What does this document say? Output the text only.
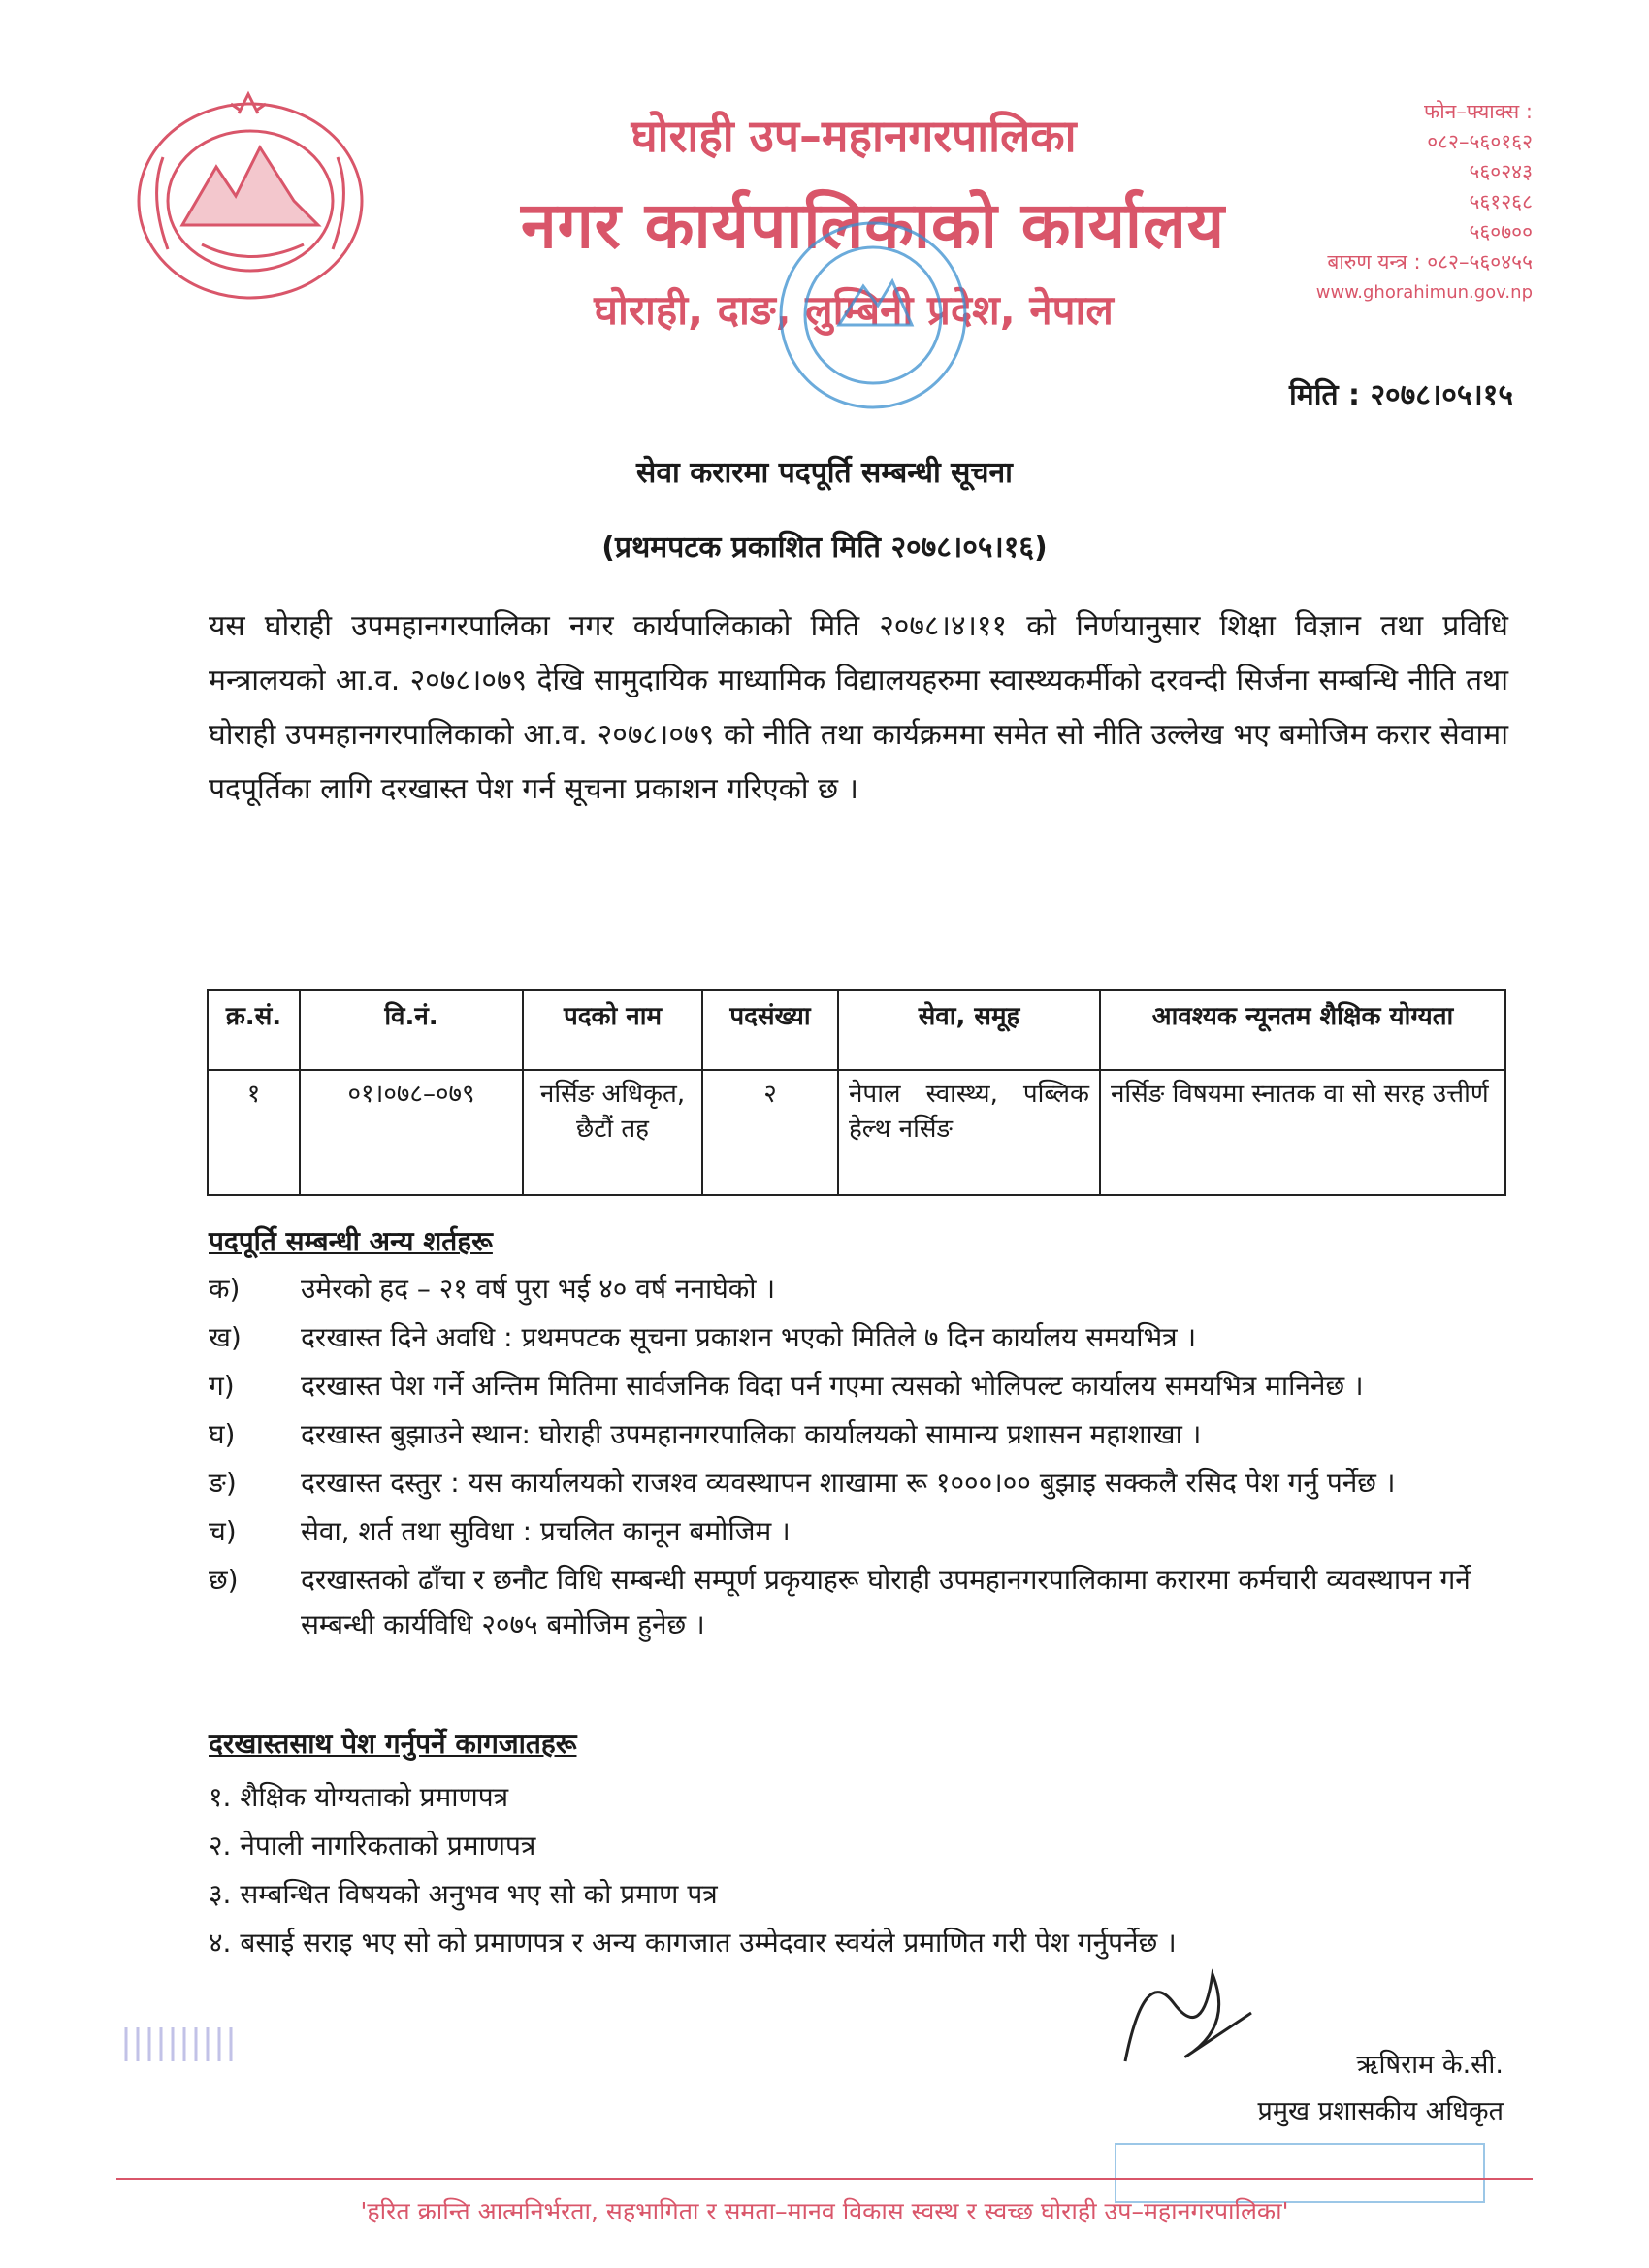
घोराही उप–महानगरपालिका
नगर कार्यपालिकाको कार्यालय
घोराही, दाङ, लुम्बिनी प्रदेश, नेपाल
फोन–फ्याक्स :
०८२–५६०१६२
५६०२४३
५६१२६८
५६०७००
बारुण यन्त्र : ०८२–५६०४५५
www.ghorahimun.gov.np
मिति : २०७८।०५।१५
सेवा करारमा पदपूर्ति सम्बन्धी सूचना
(प्रथमपटक प्रकाशित मिति २०७८।०५।१६)
यस घोराही उपमहानगरपालिका नगर कार्यपालिकाको मिति २०७८।४।११ को निर्णयानुसार शिक्षा विज्ञान तथा प्रविधि मन्त्रालयको आ.व. २०७८।०७९ देखि सामुदायिक माध्यामिक विद्यालयहरुमा स्वास्थ्यकर्मीको दरवन्दी सिर्जना सम्बन्धि नीति तथा घोराही उपमहानगरपालिकाको आ.व. २०७८।०७९ को नीति तथा कार्यक्रममा समेत सो नीति उल्लेख भए बमोजिम करार सेवामा पदपूर्तिका लागि दरखास्त पेश गर्न सूचना प्रकाशन गरिएको छ ।
क्र.सं.	वि.नं.	पदको नाम	पदसंख्या	सेवा, समूह	आवश्यक न्यूनतम शैक्षिक योग्यता
१	०१।०७८–०७९	नर्सिङ अधिकृत, छैटौं तह	२	नेपाल स्वास्थ्य, पब्लिक हेल्थ नर्सिङ	नर्सिङ विषयमा स्नातक वा सो सरह उत्तीर्ण
पदपूर्ति सम्बन्धी अन्य शर्तहरू
क) उमेरको हद – २१ वर्ष पुरा भई ४० वर्ष ननाघेको ।
ख) दरखास्त दिने अवधि : प्रथमपटक सूचना प्रकाशन भएको मितिले ७ दिन कार्यालय समयभित्र ।
ग) दरखास्त पेश गर्ने अन्तिम मितिमा सार्वजनिक विदा पर्न गएमा त्यसको भोलिपल्ट कार्यालय समयभित्र मानिनेछ ।
घ) दरखास्त बुझाउने स्थान: घोराही उपमहानगरपालिका कार्यालयको सामान्य प्रशासन महाशाखा ।
ङ) दरखास्त दस्तुर : यस कार्यालयको राजश्व व्यवस्थापन शाखामा रू १०००।०० बुझाइ सक्कलै रसिद पेश गर्नु पर्नेछ ।
च) सेवा, शर्त तथा सुविधा : प्रचलित कानून बमोजिम ।
छ) दरखास्तको ढाँचा र छनौट विधि सम्बन्धी सम्पूर्ण प्रकृयाहरू घोराही उपमहानगरपालिकामा करारमा कर्मचारी व्यवस्थापन गर्ने सम्बन्धी कार्यविधि २०७५ बमोजिम हुनेछ ।
दरखास्तसाथ पेश गर्नुपर्ने कागजातहरू
१. शैक्षिक योग्यताको प्रमाणपत्र
२. नेपाली नागरिकताको प्रमाणपत्र
३. सम्बन्धित विषयको अनुभव भए सो को प्रमाण पत्र
४. बसाई सराइ भए सो को प्रमाणपत्र र अन्य कागजात उम्मेदवार स्वयंले प्रमाणित गरी पेश गर्नुपर्नेछ ।
ऋषिराम के.सी.
प्रमुख प्रशासकीय अधिकृत
'हरित क्रान्ति आत्मनिर्भरता, सहभागिता र समता–मानव विकास स्वस्थ र स्वच्छ घोराही उप–महानगरपालिका'
